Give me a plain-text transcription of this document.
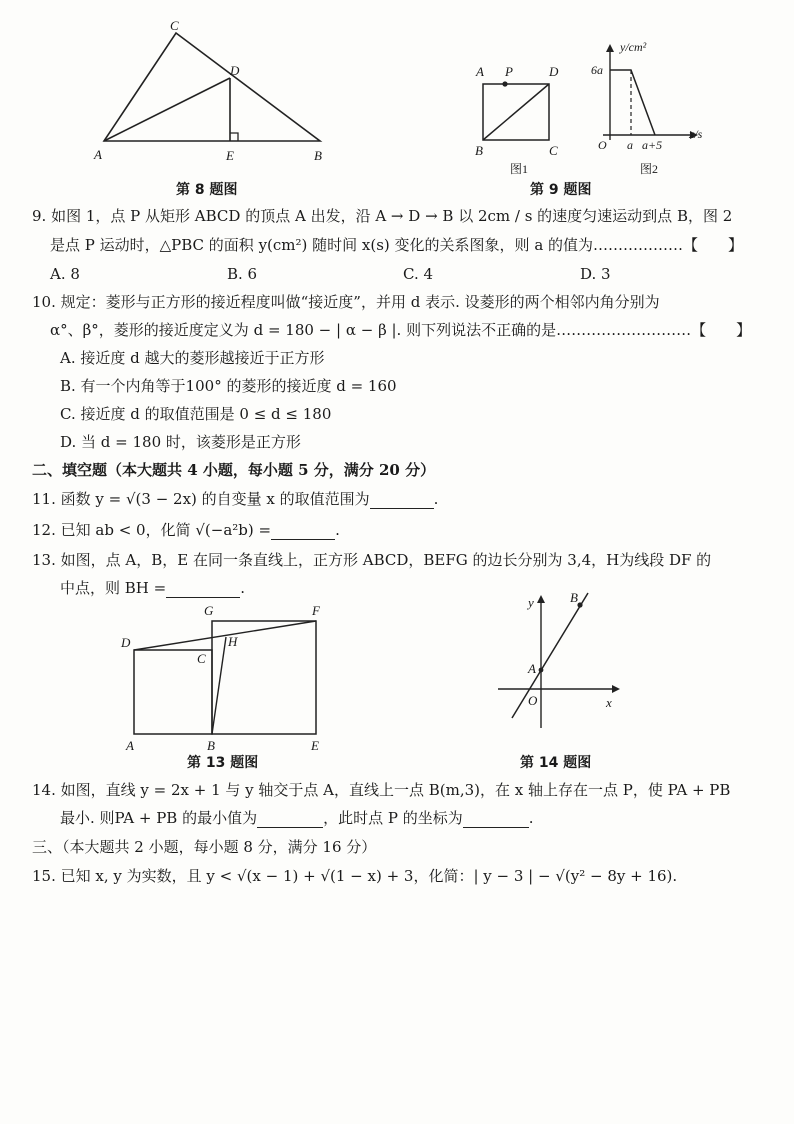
C
D
A	E	B
第 8 题图
A P	D
B	C
图1
y/cm²
6a
x/s
O a a+5
图2
第 9 题图
9. 如图 1，点 P 从矩形 ABCD 的顶点 A 出发，沿 A → D → B 以 2cm / s 的速度匀速运动到点 B，图 2
是点 P 运动时，△PBC 的面积 y(cm²) 随时间 x(s) 变化的关系图象，则 a 的值为………………【　　】
A. 8	B. 6	C. 4	D. 3
10. 规定：菱形与正方形的接近程度叫做“接近度”，并用 d 表示. 设菱形的两个相邻内角分别为
α°、β°，菱形的接近度定义为 d = 180 − | α − β |. 则下列说法不正确的是………………………【　　】
A. 接近度 d 越大的菱形越接近于正方形
B. 有一个内角等于100° 的菱形的接近度 d = 160
C. 接近度 d 的取值范围是 0 ≤ d ≤ 180
D. 当 d = 180 时，该菱形是正方形
二、填空题（本大题共 4 小题，每小题 5 分，满分 20 分）
11. 函数 y = √(3 − 2x) 的自变量 x 的取值范围为	.
12. 已知 ab < 0，化简 √(−a²b) =	.
13. 如图，点 A，B，E 在同一条直线上，正方形 ABCD，BEFG 的边长分别为 3,4，H为线段 DF 的
中点，则 BH =	.
G	F
D	H
C
A	B	E
第 13 题图
y	B
A
O	x
第 14 题图
14. 如图，直线 y = 2x + 1 与 y 轴交于点 A，直线上一点 B(m,3)，在 x 轴上存在一点 P，使 PA + PB
最小. 则PA + PB 的最小值为	，此时点 P 的坐标为	.
三、（本大题共 2 小题，每小题 8 分，满分 16 分）
15. 已知 x, y 为实数，且 y < √(x − 1) + √(1 − x) + 3，化简：| y − 3 | − √(y² − 8y + 16).
